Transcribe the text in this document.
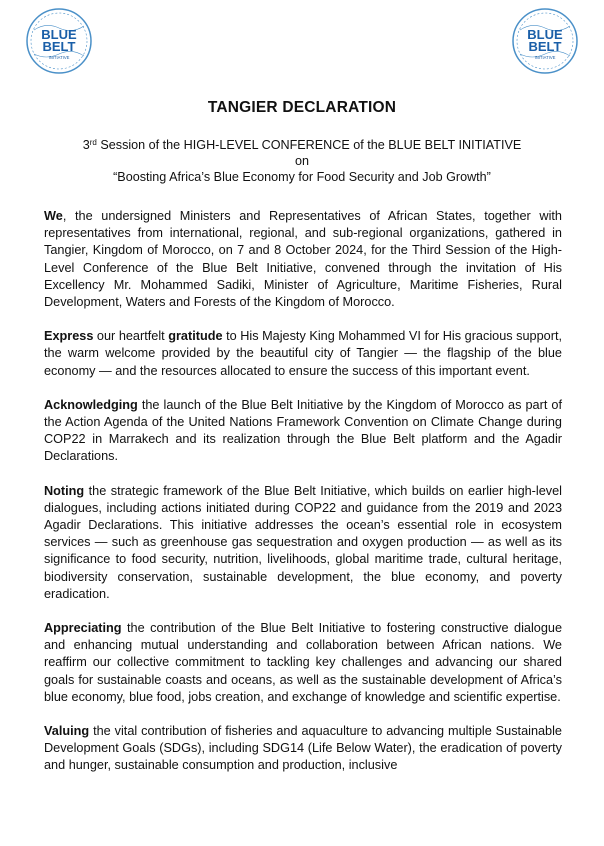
BLUE
BELT
INITIATIVE
BLUE
BELT
INITIATIVE
TANGIER DECLARATION
3rd Session of the HIGH-LEVEL CONFERENCE of the BLUE BELT INITIATIVE
on
“Boosting Africa’s Blue Economy for Food Security and Job Growth”

We, the undersigned Ministers and Representatives of African States, together with representatives from international, regional, and sub-regional organizations, gathered in Tangier, Kingdom of Morocco, on 7 and 8 October 2024, for the Third Session of the High-Level Conference of the Blue Belt Initiative, convened through the invitation of His Excellency Mr. Mohammed Sadiki, Minister of Agriculture, Maritime Fisheries, Rural Development, Waters and Forests of the Kingdom of Morocco.

Express our heartfelt gratitude to His Majesty King Mohammed VI for His gracious support, the warm welcome provided by the beautiful city of Tangier — the flagship of the blue economy — and the resources allocated to ensure the success of this important event.

Acknowledging the launch of the Blue Belt Initiative by the Kingdom of Morocco as part of the Action Agenda of the United Nations Framework Convention on Climate Change during COP22 in Marrakech and its realization through the Blue Belt platform and the Agadir Declarations.

Noting the strategic framework of the Blue Belt Initiative, which builds on earlier high-level dialogues, including actions initiated during COP22 and guidance from the 2019 and 2023 Agadir Declarations. This initiative addresses the ocean’s essential role in ecosystem services — such as greenhouse gas sequestration and oxygen production — as well as its significance to food security, nutrition, livelihoods, global maritime trade, cultural heritage, biodiversity conservation, sustainable development, the blue economy, and poverty eradication.

Appreciating the contribution of the Blue Belt Initiative to fostering constructive dialogue and enhancing mutual understanding and collaboration between African nations. We reaffirm our collective commitment to tackling key challenges and advancing our shared goals for sustainable coasts and oceans, as well as the sustainable development of Africa’s blue economy, blue food, jobs creation, and exchange of knowledge and scientific expertise.

Valuing the vital contribution of fisheries and aquaculture to advancing multiple Sustainable Development Goals (SDGs), including SDG14 (Life Below Water), the eradication of poverty and hunger, sustainable consumption and production, inclusive
